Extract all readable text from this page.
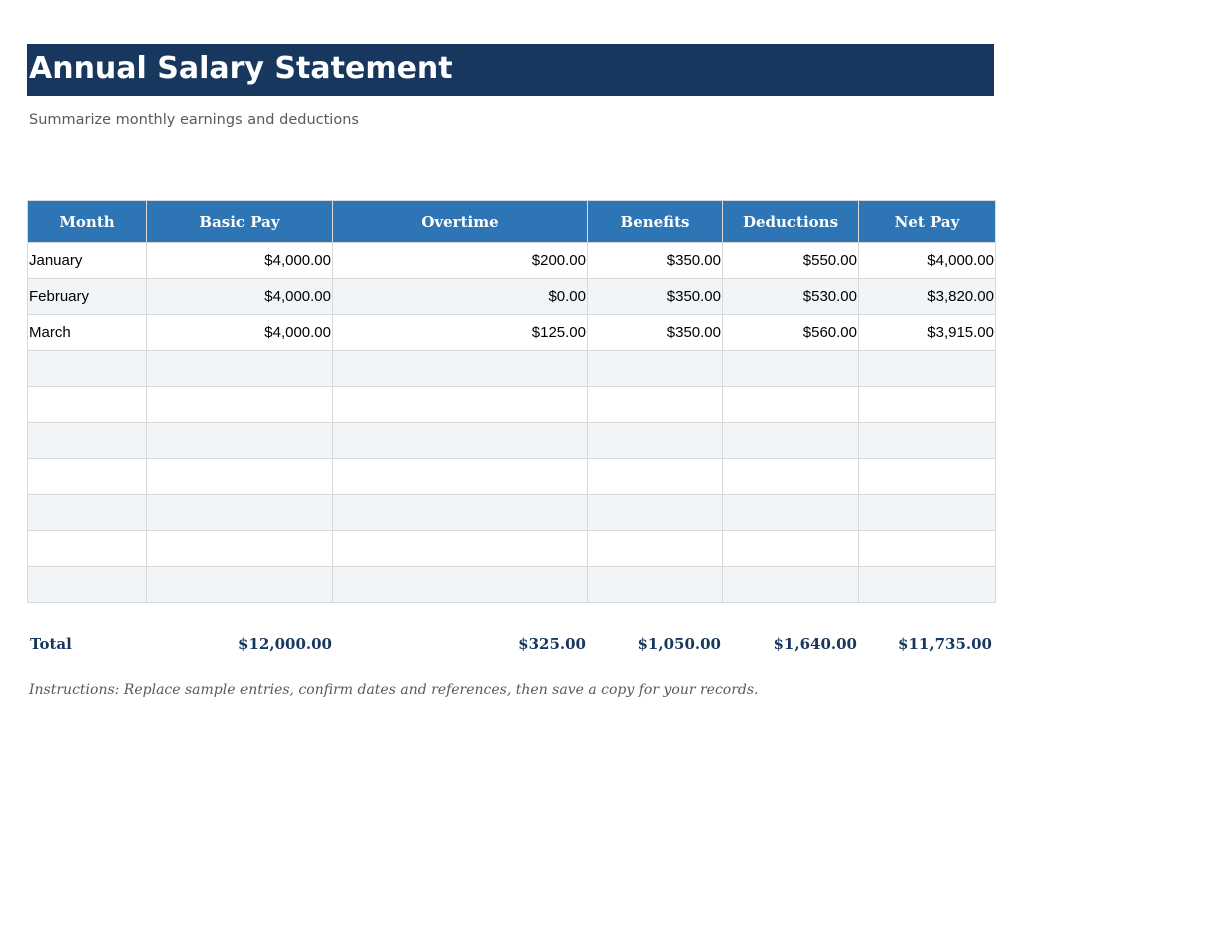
Annual Salary Statement
Summarize monthly earnings and deductions
Month	Basic Pay	Overtime	Benefits	Deductions	Net Pay
January	$4,000.00	$200.00	$350.00	$550.00	$4,000.00
February	$4,000.00	$0.00	$350.00	$530.00	$3,820.00
March	$4,000.00	$125.00	$350.00	$560.00	$3,915.00

Total	$12,000.00	$325.00	$1,050.00	$1,640.00	$11,735.00
Instructions: Replace sample entries, confirm dates and references, then save a copy for your records.
